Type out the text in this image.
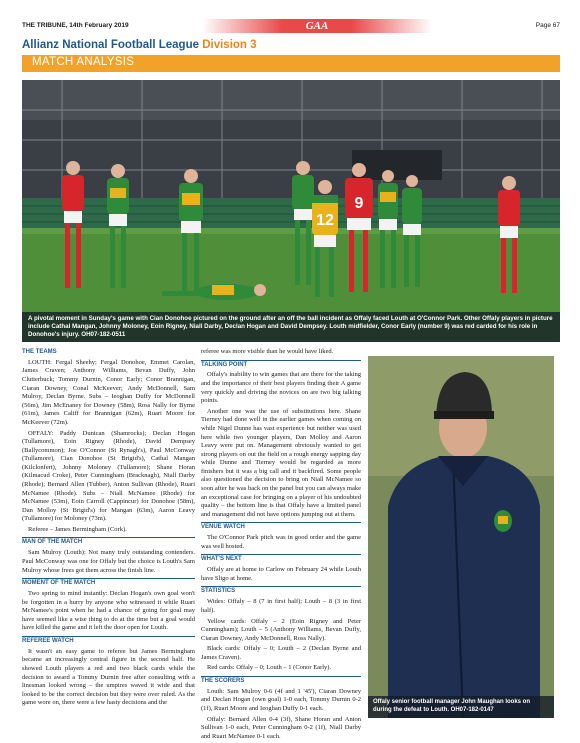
THE TRIBUNE, 14th February 2019	GAA	Page 67
Allianz National Football League Division 3
MATCH ANALYSIS
12
9
A pivotal moment in Sunday's game with Cian Donohoe pictured on the ground after an off the ball incident as Offaly faced Louth at O'Connor Park. Other Offaly players in picture include Cathal Mangan, Johnny Moloney, Eoin Rigney, Niall Darby, Declan Hogan and David Dempsey. Louth midfielder, Conor Early (number 9) was red carded for his role in Donohoe's injury. OH07-182-0511
THE TEAMS

LOUTH: Fergal Sheehy; Fergal Donohoe, Emmet Carolan, James Craven; Anthony Williams, Bevan Duffy, John Clutterbuck; Tommy Durnin, Conor Early; Conor Brannigan, Ciaran Downey, Conal McKeever; Andy McDonnell, Sam Mulroy, Declan Byrne. Subs – Ieoghan Duffy for McDonnell (56m), Jim McEnaney for Downey (58m), Ross Nally for Byrne (61m), James Califf for Brannigan (62m), Ruari Moore for McKeever (72m).

OFFALY: Paddy Dunican (Shamrocks); Declan Hogan (Tullamore), Eoin Rigney (Rhode), David Dempsey (Ballycommon); Joe O'Connor (St Rynagh's), Paul McConway (Tullamore), Cian Donohoe (St Brigid's), Cathal Mangan (Kilclonfert), Johnny Moloney (Tullamore); Shane Horan (Kilmacud Croke), Peter Cunningham (Bracknagh), Niall Darby (Rhode); Bernard Allen (Tubber), Anton Sullivan (Rhode), Ruari McNamee (Rhode). Subs – Niall McNamee (Rhode) for McNamee (53m), Eoin Carroll (Cappincur) for Donohoe (58m), Dan Molloy (St Brigid's) for Mangan (63m), Aaron Leavy (Tullamore) for Moloney (73m).

Referee – James Bermingham (Cork).

MAN OF THE MATCH

Sam Mulroy (Louth): Not many truly outstanding contenders. Paul McConway was one for Offaly but the choice is Louth's Sam Mulroy whose frees got them across the finish line.

MOMENT OF THE MATCH

Two spring to mind instantly: Declan Hogan's own goal won't be forgotten in a hurry by anyone who witnessed it while Ruari McNamee's point when he had a chance of going for goal may have seemed like a wise thing to do at the time but a goal would have killed the game and it left the door open for Louth.

REFEREE WATCH

It wasn't an easy game to referee but James Bermingham became an increasingly central figure in the second half. He showed Louth players a red and two black cards while the decision to award a Tommy Durnin free after consulting with a linesman looked wrong – the umpires waved it wide and that looked to be the correct decision but they were over ruled. As the game wore on, there were a few hasty decisions and the

referee was more visible than he would have liked.

TALKING POINT

Offaly's inability to win games that are there for the taking and the importance of their best players finding their A game very quickly and driving the novices on are two big talking points.

Another one was the use of substitutions here. Shane Tierney had done well in the earlier games when coming on while Nigel Dunne has vast experience but neither was used here while two younger players, Dan Molloy and Aaron Leavy were put on. Management obviously wanted to get strong players on out the field on a rough energy sapping day while Dunne and Tierney would be regarded as more finishers but it was a big call and it backfired. Some people also questioned the decision to bring on Niall McNamee so soon after he was back on the panel but you can always make an exceptional case for bringing on a player of his undoubted quality – the bottom line is that Offaly have a limited panel and management did not have options jumping out at them.

VENUE WATCH

The O'Connor Park pitch was in good order and the game was well hosted.

WHAT'S NEXT

Offaly are at home to Carlow on February 24 while Louth have Sligo at home.

STATISTICS

Wides: Offaly – 8 (7 in first half); Louth – 8 (3 in first half).

Yellow cards: Offaly – 2 (Eoin Rigney and Peter Cunningham); Louth – 5 (Anthony Williams, Bevan Duffy, Ciaran Downey, Andy McDonnell, Ross Nally).

Black cards: Offaly – 0; Louth – 2 (Declan Byrne and James Craven).

Red cards: Offaly – 0; Louth – 1 (Conor Early).

THE SCORERS

Louth: Sam Mulroy 0-6 (4f and 1 '45'), Ciaran Downey and Declan Hogan (own goal) 1-0 each, Tommy Durnin 0-2 (1f), Ruari Moore and Ieoghan Duffy 0-1 each.

Offaly: Bernard Allen 0-4 (3f), Shane Horan and Anton Sullivan 1-0 each, Peter Cunningham 0-2 (1f), Niall Darby and Ruari McNamee 0-1 each.

Offaly senior football manager John Maughan looks on during the defeat to Louth. OH07-182-0147
